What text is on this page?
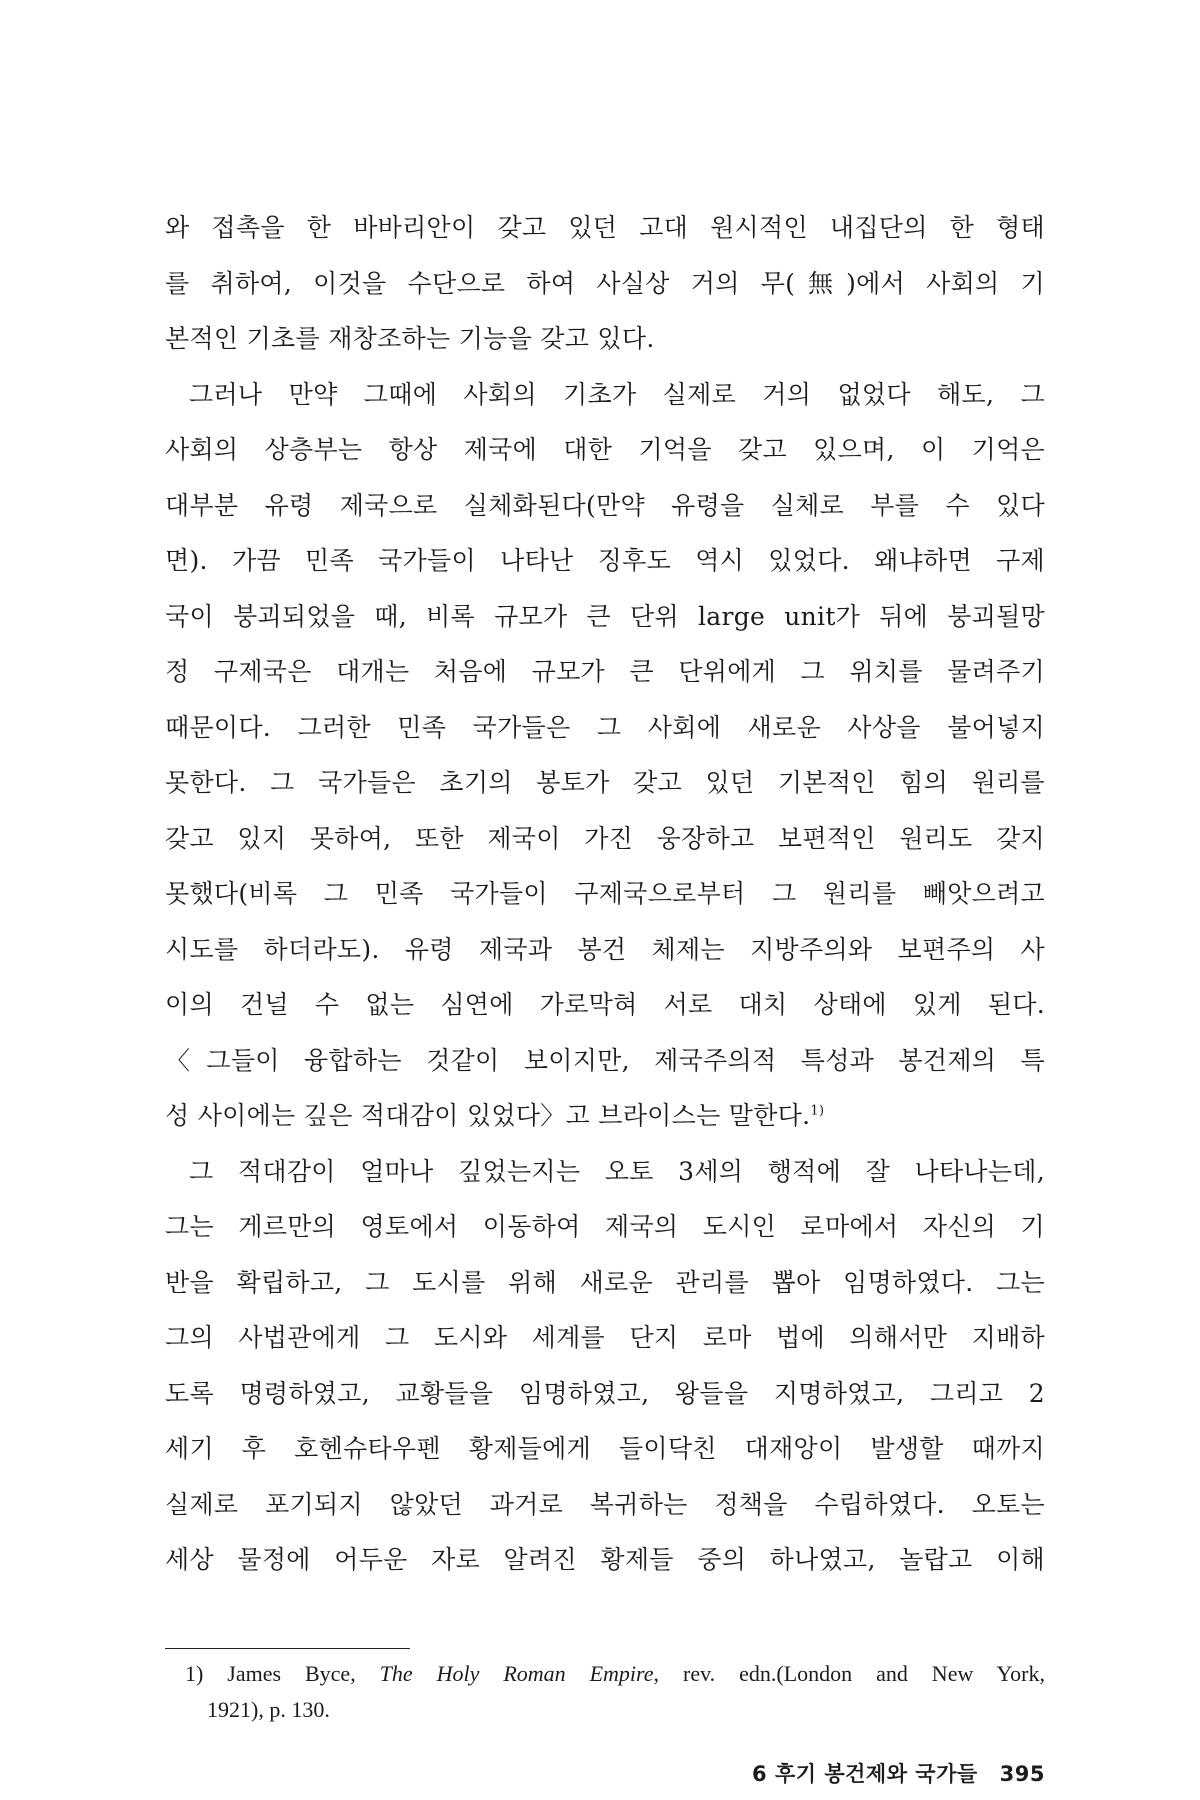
와 접촉을 한 바바리안이 갖고 있던 고대 원시적인 내집단의 한 형태
를 취하여, 이것을 수단으로 하여 사실상 거의 무(無)에서 사회의 기
본적인 기초를 재창조하는 기능을 갖고 있다.
그러나 만약 그때에 사회의 기초가 실제로 거의 없었다 해도, 그
사회의 상층부는 항상 제국에 대한 기억을 갖고 있으며, 이 기억은
대부분 유령 제국으로 실체화된다(만약 유령을 실체로 부를 수 있다
면). 가끔 민족 국가들이 나타난 징후도 역시 있었다. 왜냐하면 구제
국이 붕괴되었을 때, 비록 규모가 큰 단위 large unit가 뒤에 붕괴될망
정 구제국은 대개는 처음에 규모가 큰 단위에게 그 위치를 물려주기
때문이다. 그러한 민족 국가들은 그 사회에 새로운 사상을 불어넣지
못한다. 그 국가들은 초기의 봉토가 갖고 있던 기본적인 힘의 원리를
갖고 있지 못하여, 또한 제국이 가진 웅장하고 보편적인 원리도 갖지
못했다(비록 그 민족 국가들이 구제국으로부터 그 원리를 빼앗으려고
시도를 하더라도). 유령 제국과 봉건 체제는 지방주의와 보편주의 사
이의 건널 수 없는 심연에 가로막혀 서로 대치 상태에 있게 된다.
〈그들이 융합하는 것같이 보이지만, 제국주의적 특성과 봉건제의 특
성 사이에는 깊은 적대감이 있었다〉고 브라이스는 말한다.$^{1)}$
그 적대감이 얼마나 깊었는지는 오토 3세의 행적에 잘 나타나는데,
그는 게르만의 영토에서 이동하여 제국의 도시인 로마에서 자신의 기
반을 확립하고, 그 도시를 위해 새로운 관리를 뽑아 임명하였다. 그는
그의 사법관에게 그 도시와 세계를 단지 로마 법에 의해서만 지배하
도록 명령하였고, 교황들을 임명하였고, 왕들을 지명하였고, 그리고 2
세기 후 호헨슈타우펜 황제들에게 들이닥친 대재앙이 발생할 때까지
실제로 포기되지 않았던 과거로 복귀하는 정책을 수립하였다. 오토는
세상 물정에 어두운 자로 알려진 황제들 중의 하나였고, 놀랍고 이해
1) James Byce, The Holy Roman Empire, rev. edn.(London and New York,
1921), p. 130.
6 후기 봉건제와 국가들 395
